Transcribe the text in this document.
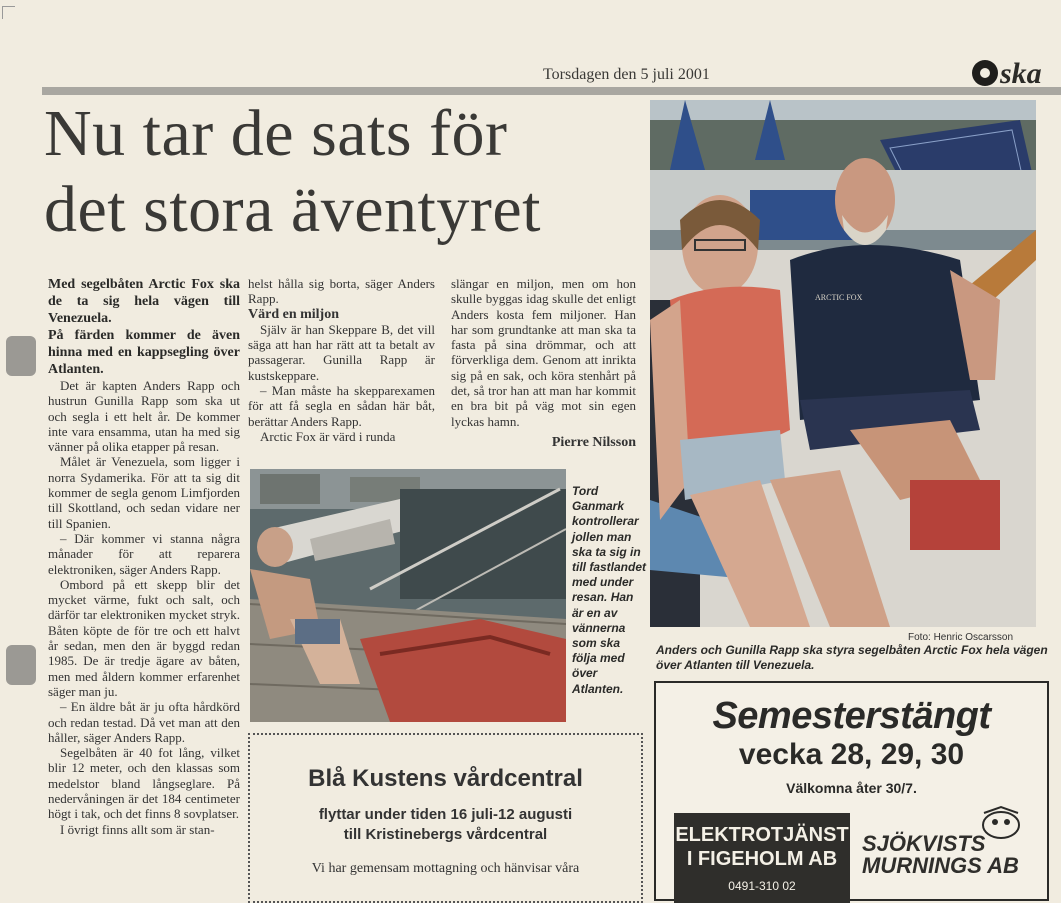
Torsdagen den 5 juli 2001	ska
Nu tar de sats för
det stora äventyret

Med segelbåten Arctic Fox ska de ta sig hela vägen till Venezuela.

På färden kommer de även hinna med en kappsegling över Atlanten.

Det är kapten Anders Rapp och hustrun Gunilla Rapp som ska ut och segla i ett helt år. De kommer inte vara ensamma, utan ha med sig vänner på olika etapper på resan.

Målet är Venezuela, som ligger i norra Sydamerika. För att ta sig dit kommer de segla genom Limfjorden till Skottland, och sedan vidare ner till Spanien.

– Där kommer vi stanna några månader för att reparera elektroniken, säger Anders Rapp.

Ombord på ett skepp blir det mycket värme, fukt och salt, och därför tar elektroniken mycket stryk. Båten köpte de för tre och ett halvt år sedan, men den är byggd redan 1985. De är tredje ägare av båten, men med åldern kommer erfarenhet säger man ju.

– En äldre båt är ju ofta hårdkörd och redan testad. Då vet man att den håller, säger Anders Rapp.

Segelbåten är 40 fot lång, vilket blir 12 meter, och den klassas som medelstor bland långseglare. På nedervåningen är det 184 centimeter högt i tak, och det finns 8 sovplatser.

I övrigt finns allt som är stan-

helst hålla sig borta, säger Anders Rapp.

Värd en miljon

Själv är han Skeppare B, det vill säga att han har rätt att ta betalt av passagerar. Gunilla Rapp är kustskeppare.

– Man måste ha skepparexamen för att få segla en sådan här båt, berättar Anders Rapp.

Arctic Fox är värd i runda

slängar en miljon, men om hon skulle byggas idag skulle det enligt Anders kosta fem miljoner. Han har som grundtanke att man ska ta fasta på sina drömmar, och att förverkliga dem. Genom att inrikta sig på en sak, och köra stenhårt på det, så tror han att man har kommit en bra bit på väg mot sin egen lyckas hamn.

Pierre Nilsson
Tord Ganmark kontrollerar jollen man ska ta sig in till fastlandet med under resan. Han är en av vännerna som ska följa med över Atlanten.
ARCTIC FOX
Foto: Henric Oscarsson
Anders och Gunilla Rapp ska styra segelbåten Arctic Fox hela vägen över Atlanten till Venezuela.
Blå Kustens vårdcentral
flyttar under tiden 16 juli-12 augusti
till Kristinebergs vårdcentral
Vi har gemensam mottagning och hänvisar våra
Semesterstängt
vecka 28, 29, 30
Välkomna åter 30/7.
ELEKTROTJÄNST
I FIGEHOLM AB
0491-310 02
SJÖKVISTS
MURNINGS AB
